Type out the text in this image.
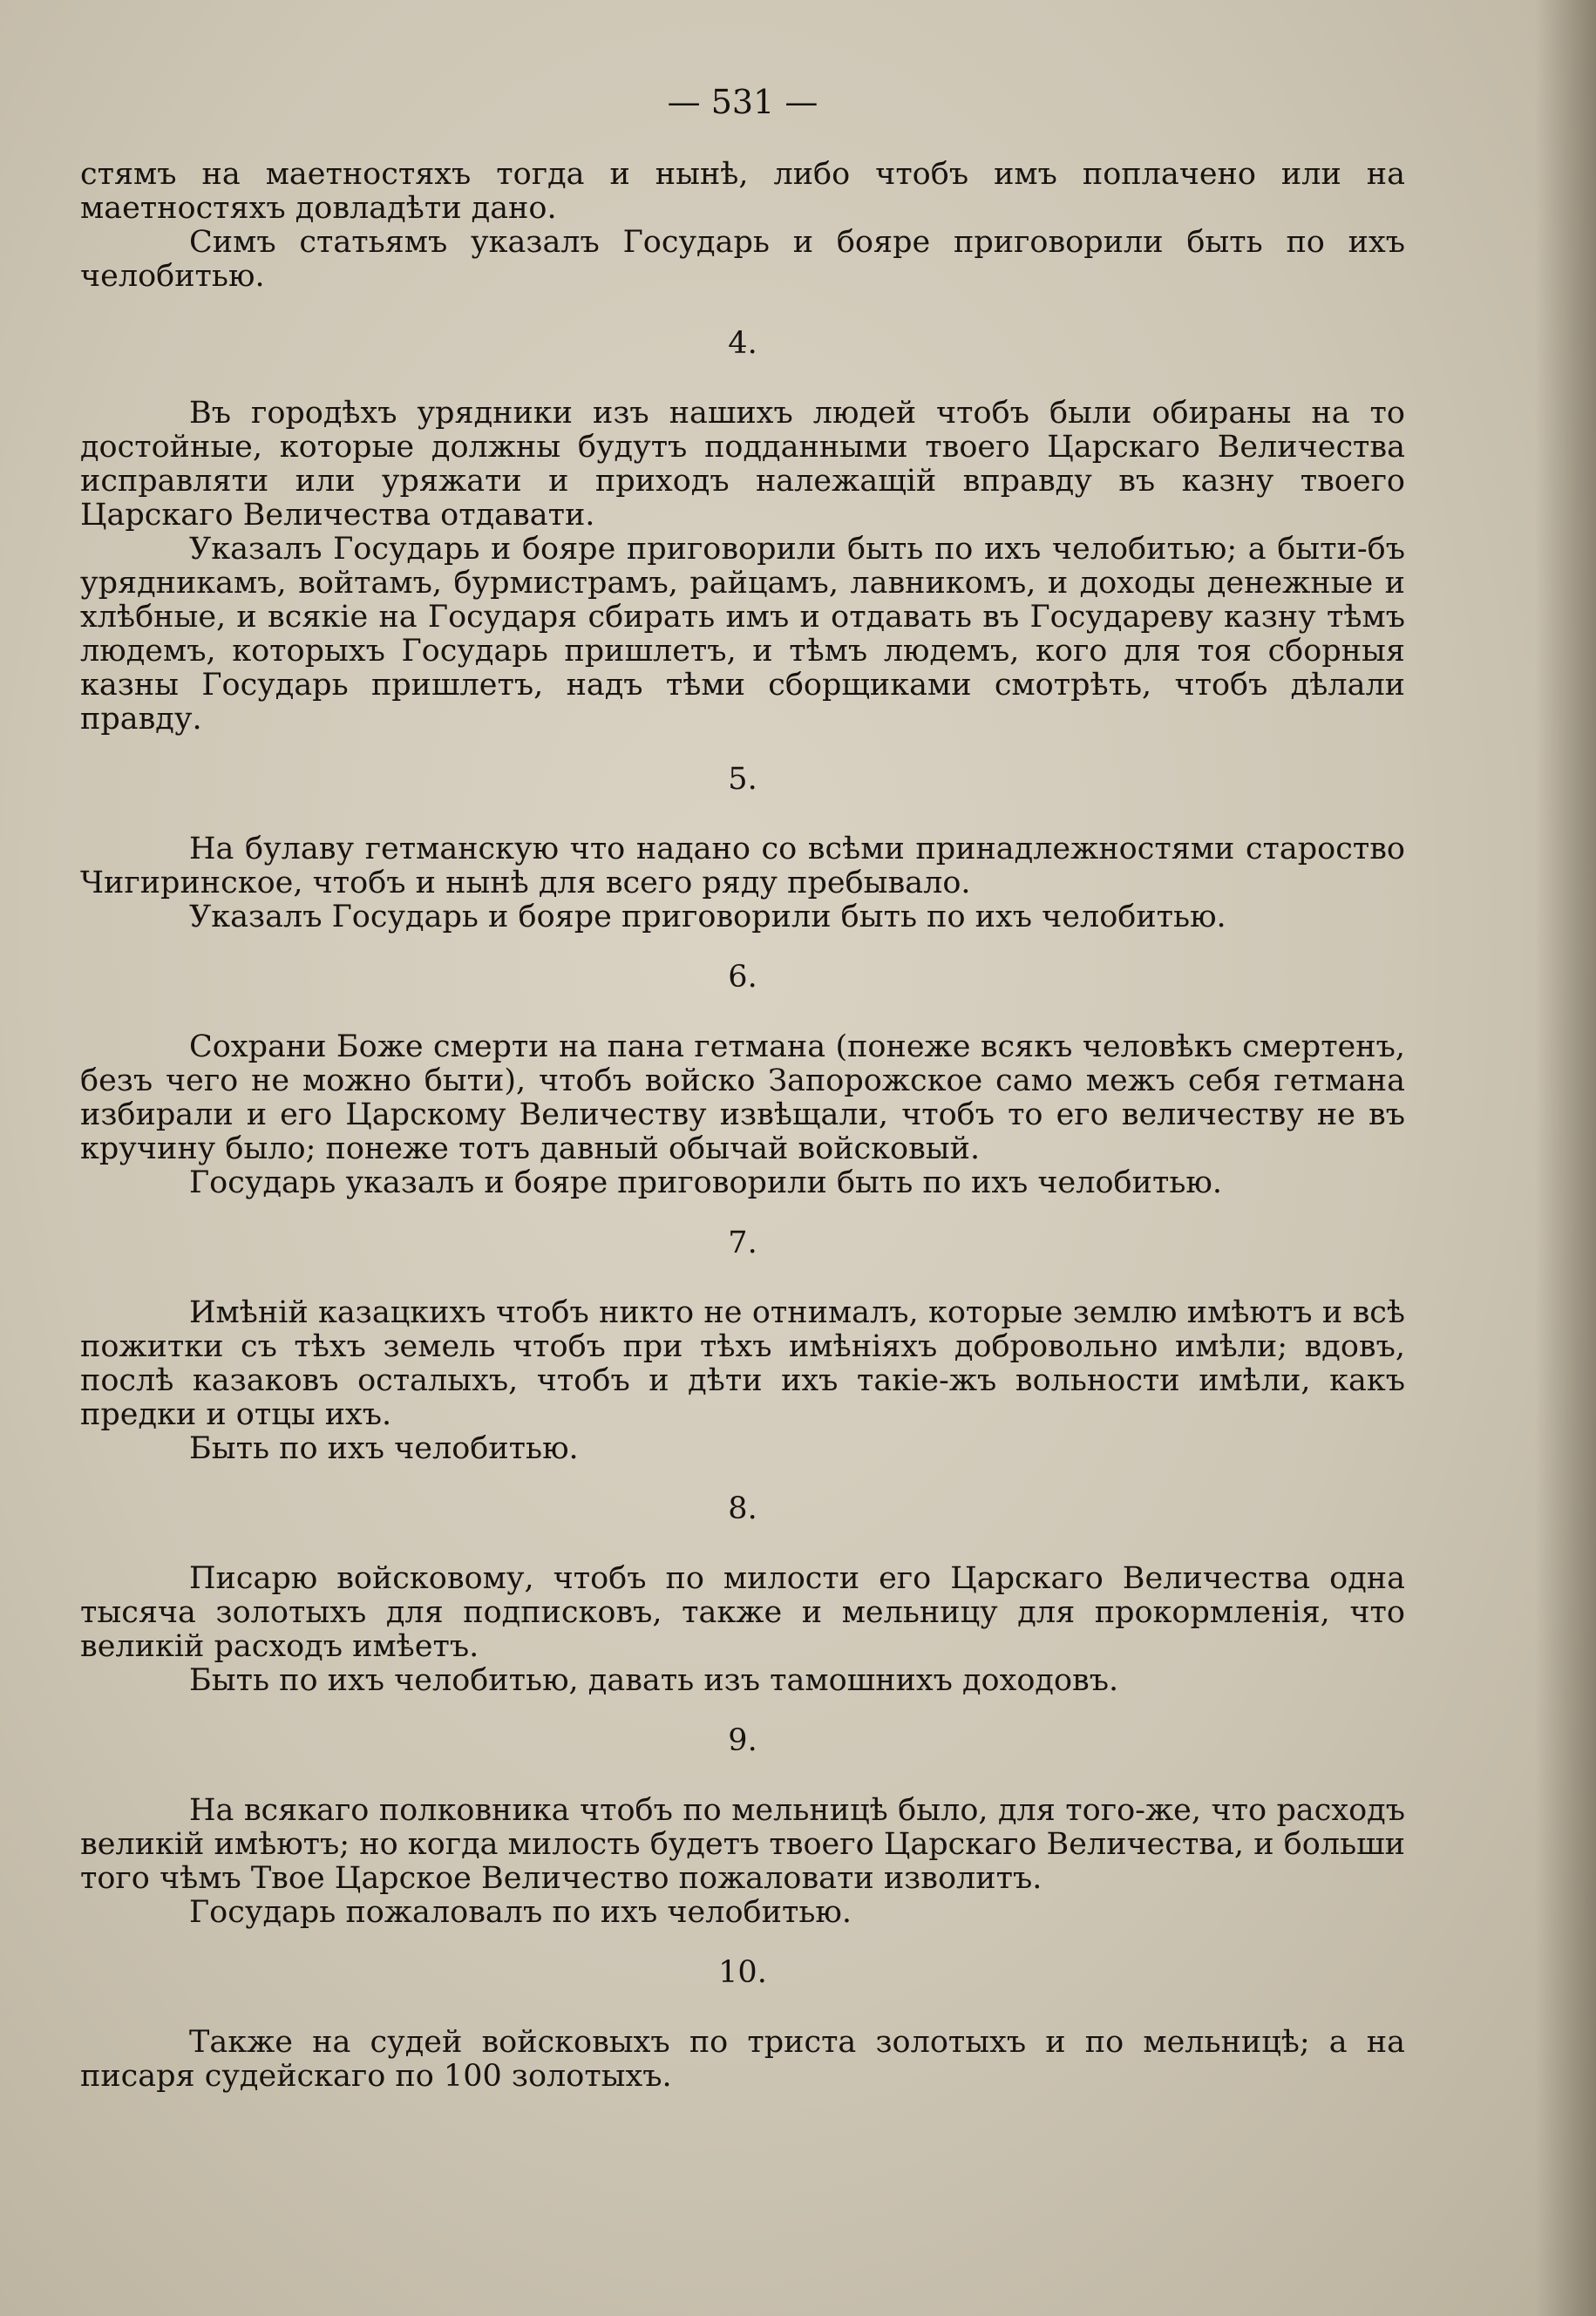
— 531 —

стямъ на маетностяхъ тогда и нынѣ, либо чтобъ имъ поплачено или на маетностяхъ довладѣти дано.

Симъ статьямъ указалъ Государь и бояре приговорили быть по ихъ челобитью.

4.

Въ городѣхъ урядники изъ нашихъ людей чтобъ были обираны на то достойные, которые должны будутъ подданными твоего Царскаго Величества исправляти или уряжати и приходъ належащій вправду въ казну твоего Царскаго Величества отдавати.

Указалъ Государь и бояре приговорили быть по ихъ челобитью; а быти-бъ урядникамъ, войтамъ, бурмистрамъ, райцамъ, лавникомъ, и доходы денежные и хлѣбные, и всякіе на Государя сбирать имъ и отдавать въ Государеву казну тѣмъ людемъ, которыхъ Государь пришлетъ, и тѣмъ людемъ, кого для тоя сборныя казны Государь пришлетъ, надъ тѣми сборщиками смотрѣть, чтобъ дѣлали правду.

5.

На булаву гетманскую что надано со всѣми принадлежностями староство Чигиринское, чтобъ и нынѣ для всего ряду пребывало.

Указалъ Государь и бояре приговорили быть по ихъ челобитью.

6.

Сохрани Боже смерти на пана гетмана (понеже всякъ человѣкъ смертенъ, безъ чего не можно быти), чтобъ войско Запорожское само межъ себя гетмана избирали и его Царскому Величеству извѣщали, чтобъ то его величеству не въ кручину было; понеже тотъ давный обычай войсковый.

Государь указалъ и бояре приговорили быть по ихъ челобитью.

7.

Имѣній казацкихъ чтобъ никто не отнималъ, которые землю имѣютъ и всѣ пожитки съ тѣхъ земель чтобъ при тѣхъ имѣніяхъ добровольно имѣли; вдовъ, послѣ казаковъ осталыхъ, чтобъ и дѣти ихъ такіе-жъ вольности имѣли, какъ предки и отцы ихъ.

Быть по ихъ челобитью.

8.

Писарю войсковому, чтобъ по милости его Царскаго Величества одна тысяча золотыхъ для подписковъ, также и мельницу для прокормленія, что великій расходъ имѣетъ.

Быть по ихъ челобитью, давать изъ тамошнихъ доходовъ.

9.

На всякаго полковника чтобъ по мельницѣ было, для того-же, что расходъ великій имѣютъ; но когда милость будетъ твоего Царскаго Величества, и больши того чѣмъ Твое Царское Величество пожаловати изволитъ.

Государь пожаловалъ по ихъ челобитью.

10.

Также на судей войсковыхъ по триста золотыхъ и по мельницѣ; а на писаря судейскаго по 100 золотыхъ.
